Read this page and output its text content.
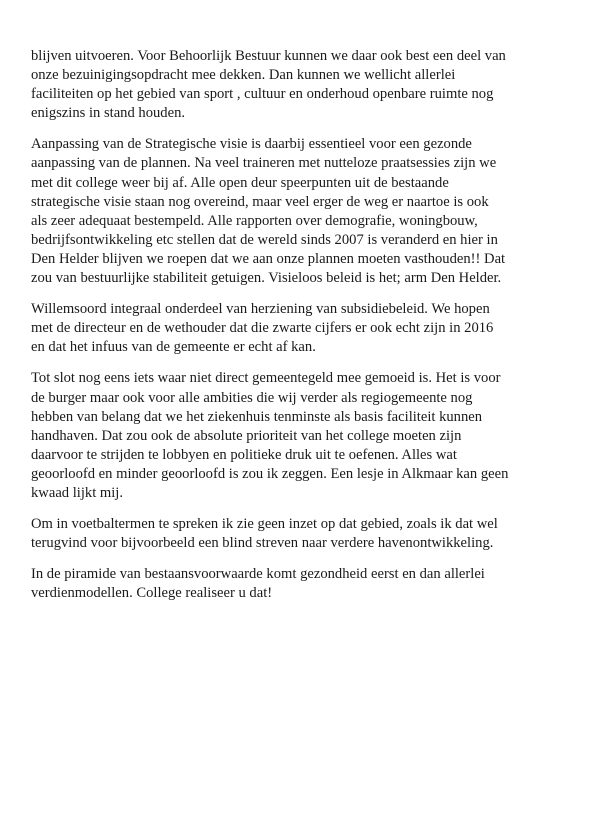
blijven uitvoeren. Voor Behoorlijk Bestuur kunnen we daar ook best een deel van
onze bezuinigingsopdracht mee dekken. Dan kunnen we wellicht allerlei
faciliteiten op het gebied van sport , cultuur en onderhoud openbare ruimte nog
enigszins in stand houden.

Aanpassing van de Strategische visie is daarbij essentieel voor een gezonde
aanpassing van de plannen. Na veel traineren met nutteloze praatsessies zijn we
met dit college weer bij af. Alle open deur speerpunten uit de bestaande
strategische visie staan nog overeind, maar veel erger de weg er naartoe is ook
als zeer adequaat bestempeld. Alle rapporten over demografie, woningbouw,
bedrijfsontwikkeling etc stellen dat de wereld sinds 2007 is veranderd en hier in
Den Helder blijven we roepen dat we aan onze plannen moeten vasthouden!! Dat
zou van bestuurlijke stabiliteit getuigen. Visieloos beleid is het; arm Den Helder.

Willemsoord integraal onderdeel van herziening van subsidiebeleid. We hopen
met de directeur en de wethouder dat die zwarte cijfers er ook echt zijn in 2016
en dat het infuus van de gemeente er echt af kan.

Tot slot nog eens iets waar niet direct gemeentegeld mee gemoeid is. Het is voor
de burger maar ook voor alle ambities die wij verder als regiogemeente nog
hebben van belang dat we het ziekenhuis tenminste als basis faciliteit kunnen
handhaven. Dat zou ook de absolute prioriteit van het college moeten zijn
daarvoor te strijden te lobbyen en politieke druk uit te oefenen. Alles wat
geoorloofd en minder geoorloofd is zou ik zeggen. Een lesje in Alkmaar kan geen
kwaad lijkt mij.

Om in voetbaltermen te spreken ik zie geen inzet op dat gebied, zoals ik dat wel
terugvind voor bijvoorbeeld een blind streven naar verdere havenontwikkeling.

In de piramide van bestaansvoorwaarde komt gezondheid eerst en dan allerlei
verdienmodellen. College realiseer u dat!
